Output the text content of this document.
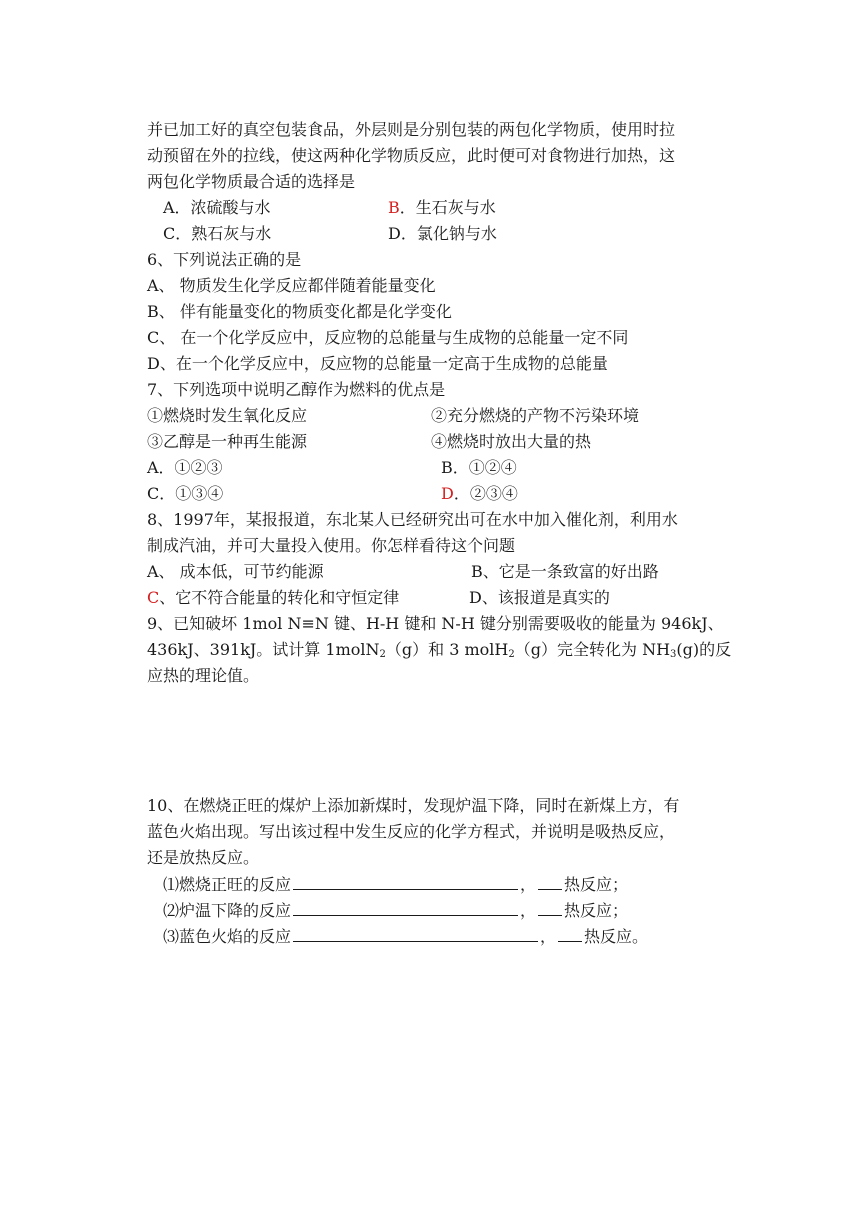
并已加工好的真空包装食品，外层则是分别包装的两包化学物质，使用时拉
动预留在外的拉线，使这两种化学物质反应，此时便可对食物进行加热，这
两包化学物质最合适的选择是
A．浓硫酸与水	B．生石灰与水
C．熟石灰与水	D．氯化钠与水
6、下列说法正确的是
A、 物质发生化学反应都伴随着能量变化
B、 伴有能量变化的物质变化都是化学变化
C、 在一个化学反应中，反应物的总能量与生成物的总能量一定不同
D、在一个化学反应中，反应物的总能量一定高于生成物的总能量
7、下列选项中说明乙醇作为燃料的优点是
①燃烧时发生氧化反应	②充分燃烧的产物不污染环境
③乙醇是一种再生能源	④燃烧时放出大量的热
A．①②③	B．①②④
C．①③④	D．②③④
8、1997年，某报报道，东北某人已经研究出可在水中加入催化剂，利用水
制成汽油，并可大量投入使用。你怎样看待这个问题
A、 成本低，可节约能源	B、它是一条致富的好出路
C、它不符合能量的转化和守恒定律	D、该报道是真实的
9、已知破坏 1mol N≡N 键、H-H 键和 N-H 键分别需要吸收的能量为 946kJ、
436kJ、391kJ。试计算 1molN$_2$（g）和 3 molH$_2$（g）完全转化为 $NH_3(g)$的反
应热的理论值。
10、在燃烧正旺的煤炉上添加新煤时，发现炉温下降，同时在新煤上方，有
蓝色火焰出现。写出该过程中发生反应的化学方程式，并说明是吸热反应，
还是放热反应。
⑴燃烧正旺的反应	， 热反应；
⑵炉温下降的反应	， 热反应；
⑶蓝色火焰的反应	， 热反应。
